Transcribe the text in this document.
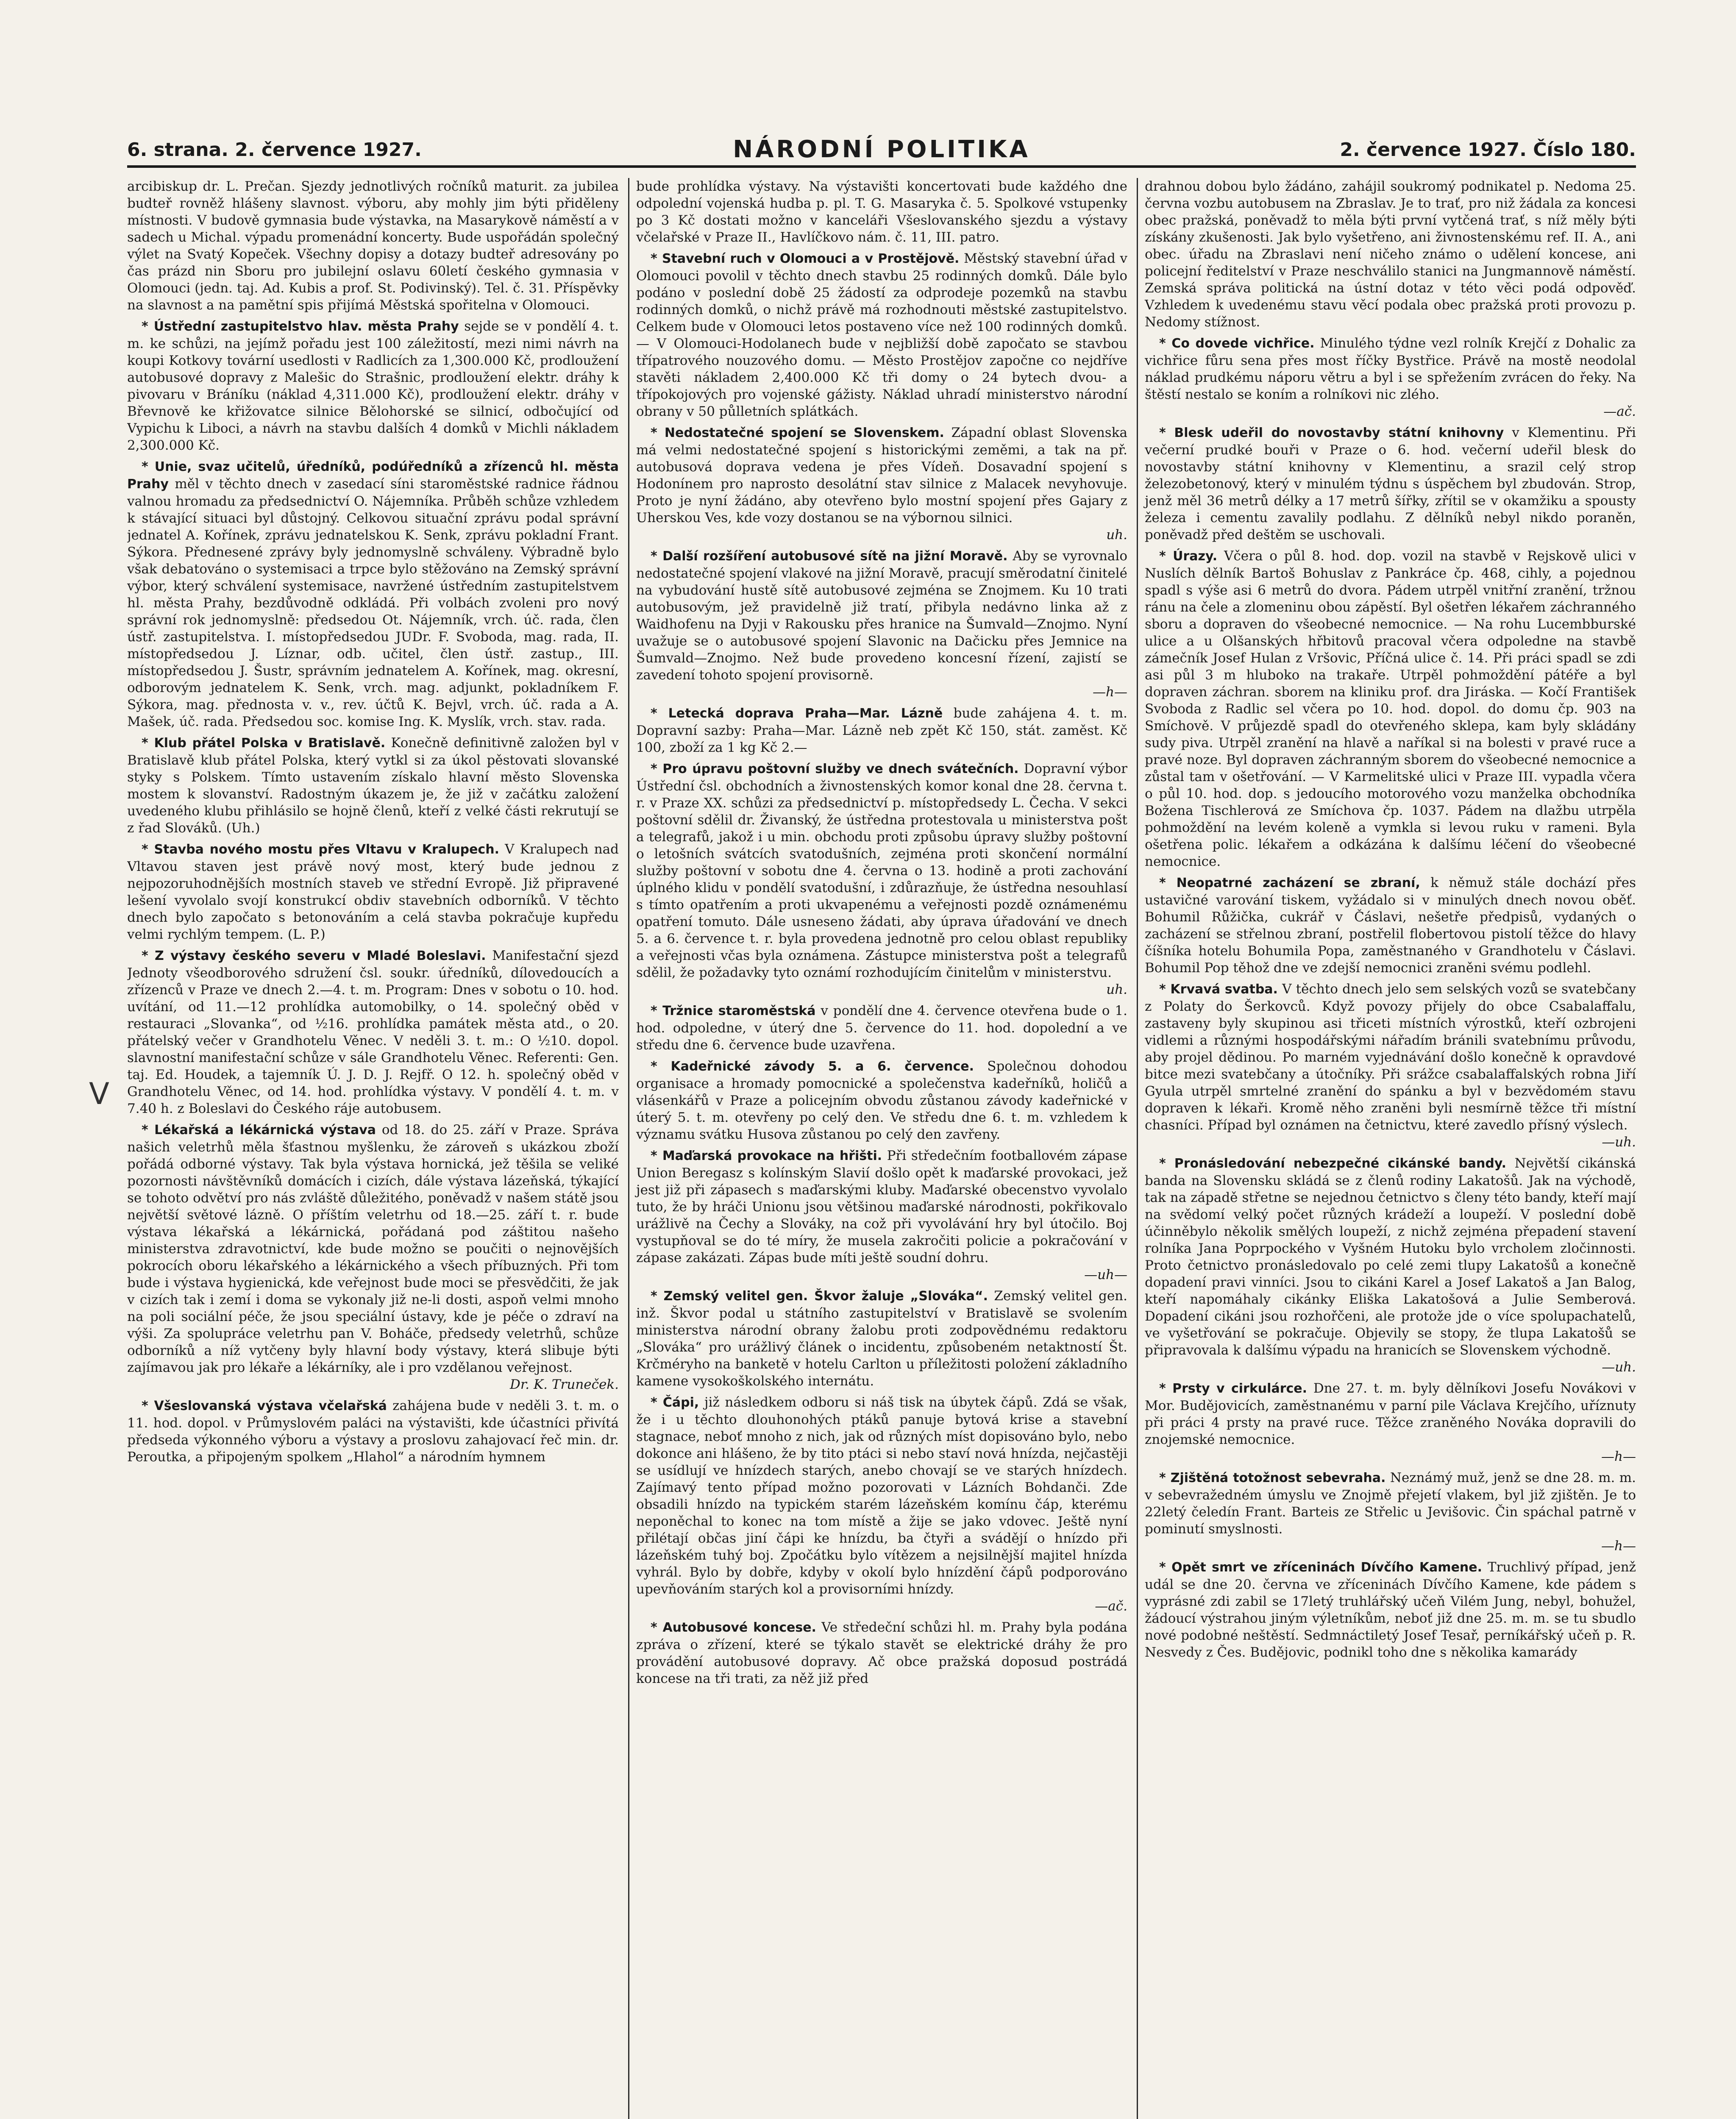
6. strana. 2. července 1927.	NÁRODNÍ POLITIKA	2. července 1927. Číslo 180.

arcibiskup dr. L. Prečan. Sjezdy jednotlivých ročníků maturit. za jubilea budteř rovněž hlášeny slavnost. výboru, aby mohly jim býti přiděleny místnosti. V budově gymnasia bude výstavka, na Masarykově náměstí a v sadech u Michal. výpadu promenádní koncerty. Bude uspořádán společný výlet na Svatý Kopeček. Všechny dopisy a dotazy budteř adresovány po čas prázd nin Sboru pro jubilejní oslavu 60letí českého gymnasia v Olomouci (jedn. taj. Ad. Kubis a prof. St. Podivinský). Tel. č. 31. Příspěvky na slavnost a na pamětní spis přijímá Městská spořitelna v Olomouci.

* Ústřední zastupitelstvo hlav. města Prahy sejde se v pondělí 4. t. m. ke schůzi, na jejímž pořadu jest 100 záležitostí, mezi nimi návrh na koupi Kotkovy tovární usedlosti v Radlicích za 1,300.000 Kč, prodloužení autobusové dopravy z Malešic do Strašnic, prodloužení elektr. dráhy k pivovaru v Bráníku (náklad 4,311.000 Kč), prodloužení elektr. dráhy v Břevnově ke křižovatce silnice Bělohorské se silnicí, odbočující od Vypichu k Liboci, a návrh na stavbu dalších 4 domků v Michli nákladem 2,300.000 Kč.

* Unie, svaz učitelů, úředníků, podúředníků a zřízenců hl. města Prahy měl v těchto dnech v zasedací síni staroměstské radnice řádnou valnou hromadu za předsednictví O. Nájemníka. Průběh schůze vzhledem k stávající situaci byl důstojný. Celkovou situační zprávu podal správní jednatel A. Kořínek, zprávu jednatelskou K. Senk, zprávu pokladní Frant. Sýkora. Přednesené zprávy byly jednomyslně schváleny. Výbradně bylo však debatováno o systemisaci a trpce bylo stěžováno na Zemský správní výbor, který schválení systemisace, navržené ústředním zastupitelstvem hl. města Prahy, bezdůvodně odkládá. Při volbách zvoleni pro nový správní rok jednomyslně: předsedou Ot. Nájemník, vrch. úč. rada, člen ústř. zastupitelstva. I. místopředsedou JUDr. F. Svoboda, mag. rada, II. místopředsedou J. Líznar, odb. učitel, člen ústř. zastup., III. místopředsedou J. Šustr, správním jednatelem A. Kořínek, mag. okresní, odborovým jednatelem K. Senk, vrch. mag. adjunkt, pokladníkem F. Sýkora, mag. přednosta v. v., rev. účtů K. Bejvl, vrch. úč. rada a A. Mašek, úč. rada. Předsedou soc. komise Ing. K. Myslík, vrch. stav. rada.

* Klub přátel Polska v Bratislavě. Konečně definitivně založen byl v Bratislavě klub přátel Polska, který vytkl si za úkol pěstovati slovanské styky s Polskem. Tímto ustavením získalo hlavní město Slovenska mostem k slovanství. Radostným úkazem je, že již v začátku založení uvedeného klubu přihlásilo se hojně členů, kteří z velké části rekrutují se z řad Slováků. (Uh.)

* Stavba nového mostu přes Vltavu v Kralupech. V Kralupech nad Vltavou staven jest právě nový most, který bude jednou z nejpozoruhodnějších mostních staveb ve střední Evropě. Již připravené lešení vyvolalo svojí konstrukcí obdiv stavebních odborníků. V těchto dnech bylo započato s betonováním a celá stavba pokračuje kupředu velmi rychlým tempem. (L. P.)

* Z výstavy českého severu v Mladé Boleslavi. Manifestační sjezd Jednoty všeodborového sdružení čsl. soukr. úředníků, dílovedoucích a zřízenců v Praze ve dnech 2.—4. t. m. Program: Dnes v sobotu o 10. hod. uvítání, od 11.—12 prohlídka automobilky, o 14. společný oběd v restauraci „Slovanka“, od ½16. prohlídka památek města atd., o 20. přátelský večer v Grandhotelu Věnec. V neděli 3. t. m.: O ½10. dopol. slavnostní manifestační schůze v sále Grandhotelu Věnec. Referenti: Gen. taj. Ed. Houdek, a tajemník Ú. J. D. J. Rejfř. O 12. h. společný oběd v Grandhotelu Věnec, od 14. hod. prohlídka výstavy. V pondělí 4. t. m. v 7.40 h. z Boleslavi do Českého ráje autobusem.

* Lékařská a lékárnická výstava od 18. do 25. září v Praze. Správa našich veletrhů měla šťastnou myšlenku, že zároveň s ukázkou zboží pořádá odborné výstavy. Tak byla výstava hornická, jež těšila se veliké pozornosti návštěvníků domácích i cizích, dále výstava lázeňská, týkající se tohoto odvětví pro nás zvláště důležitého, poněvadž v našem státě jsou největší světové lázně. O příštím veletrhu od 18.—25. září t. r. bude výstava lékařská a lékárnická, pořádaná pod záštitou našeho ministerstva zdravotnictví, kde bude možno se poučiti o nejnovějších pokrocích oboru lékařského a lékárnického a všech příbuzných. Při tom bude i výstava hygienická, kde veřejnost bude moci se přesvědčiti, že jak v cizích tak i zemí i doma se vykonaly již ne-li dosti, aspoň velmi mnoho na poli sociální péče, že jsou speciální ústavy, kde je péče o zdraví na výši. Za spolupráce veletrhu pan V. Boháče, předsedy veletrhů, schůze odborníků a níž vytčeny byly hlavní body výstavy, která slibuje býti zajímavou jak pro lékaře a lékárníky, ale i pro vzdělanou veřejnost.
Dr. K. Truneček.

* Všeslovanská výstava včelařská zahájena bude v neděli 3. t. m. o 11. hod. dopol. v Průmyslovém paláci na výstavišti, kde účastníci přivítá předseda výkonného výboru a výstavy a proslovu zahajovací řeč min. dr. Peroutka, a připojeným spolkem „Hlahol“ a národním hymnem

bude prohlídka výstavy. Na výstavišti koncertovati bude každého dne odpolední vojenská hudba p. pl. T. G. Masaryka č. 5. Spolkové vstupenky po 3 Kč dostati možno v kanceláři Všeslovanského sjezdu a výstavy včelařské v Praze II., Havlíčkovo nám. č. 11, III. patro.

* Stavební ruch v Olomouci a v Prostějově. Městský stavební úřad v Olomouci povolil v těchto dnech stavbu 25 rodinných domků. Dále bylo podáno v poslední době 25 žádostí za odprodeje pozemků na stavbu rodinných domků, o nichž právě má rozhodnouti městské zastupitelstvo. Celkem bude v Olomouci letos postaveno více než 100 rodinných domků. — V Olomouci-Hodolanech bude v nejbližší době započato se stavbou třípatrového nouzového domu. — Město Prostějov započne co nejdříve stavěti nákladem 2,400.000 Kč tři domy o 24 bytech dvou- a třípokojových pro vojenské gážisty. Náklad uhradí ministerstvo národní obrany v 50 půlletních splátkách.

* Nedostatečné spojení se Slovenskem. Západní oblast Slovenska má velmi nedostatečné spojení s historickými zeměmi, a tak na př. autobusová doprava vedena je přes Vídeň. Dosavadní spojení s Hodonínem pro naprosto desolátní stav silnice z Malacek nevyhovuje. Proto je nyní žádáno, aby otevřeno bylo mostní spojení přes Gajary z Uherskou Ves, kde vozy dostanou se na výbornou silnici.
uh.

* Další rozšíření autobusové sítě na jižní Moravě. Aby se vyrovnalo nedostatečné spojení vlakové na jižní Moravě, pracují směrodatní činitelé na vybudování hustě sítě autobusové zejména se Znojmem. Ku 10 trati autobusovým, jež pravidelně již tratí, přibyla nedávno linka až z Waidhofenu na Dyji v Rakousku přes hranice na Šumvald—Znojmo. Nyní uvažuje se o autobusové spojení Slavonic na Dačicku přes Jemnice na Šumvald—Znojmo. Než bude provedeno koncesní řízení, zajistí se zavedení tohoto spojení provisorně.
—h—

* Letecká doprava Praha—Mar. Lázně bude zahájena 4. t. m. Dopravní sazby: Praha—Mar. Lázně neb zpět Kč 150, stát. zaměst. Kč 100, zboží za 1 kg Kč 2.—

* Pro úpravu poštovní služby ve dnech svátečních. Dopravní výbor Ústřední čsl. obchodních a živnostenských komor konal dne 28. června t. r. v Praze XX. schůzi za předsednictví p. místopředsedy L. Čecha. V sekci poštovní sdělil dr. Živanský, že ústředna protestovala u ministerstva pošt a telegrafů, jakož i u min. obchodu proti způsobu úpravy služby poštovní o letošních svátcích svatodušních, zejména proti skončení normální služby poštovní v sobotu dne 4. června o 13. hodině a proti zachování úplného klidu v pondělí svatodušní, i zdůrazňuje, že ústředna nesouhlasí s tímto opatřením a proti ukvapenému a veřejnosti pozdě oznámenému opatření tomuto. Dále usneseno žádati, aby úprava úřadování ve dnech 5. a 6. července t. r. byla provedena jednotně pro celou oblast republiky a veřejnosti včas byla oznámena. Zástupce ministerstva pošt a telegrafů sdělil, že požadavky tyto oznámí rozhodujícím činitelům v ministerstvu.
uh.

* Tržnice staroměstská v pondělí dne 4. července otevřena bude o 1. hod. odpoledne, v úterý dne 5. července do 11. hod. dopolední a ve středu dne 6. července bude uzavřena.

* Kadeřnické závody 5. a 6. července. Společnou dohodou organisace a hromady pomocnické a společenstva kadeřníků, holičů a vlásenkářů v Praze a policejním obvodu zůstanou závody kadeřnické v úterý 5. t. m. otevřeny po celý den. Ve středu dne 6. t. m. vzhledem k významu svátku Husova zůstanou po celý den zavřeny.

* Maďarská provokace na hřišti. Při středečním footballovém zápase Union Beregasz s kolínským Slavií došlo opět k maďarské provokaci, jež jest již při zápasech s maďarskými kluby. Maďarské obecenstvo vyvolalo tuto, že by hráči Unionu jsou většinou maďarské národnosti, pokřikovalo urážlivě na Čechy a Slováky, na což při vyvolávání hry byl útočilo. Boj vystupňoval se do té míry, že musela zakročiti policie a pokračování v zápase zakázati. Zápas bude míti ještě soudní dohru.
—uh—

* Zemský velitel gen. Škvor žaluje „Slováka“. Zemský velitel gen. inž. Škvor podal u státního zastupitelství v Bratislavě se svolením ministerstva národní obrany žalobu proti zodpovědnému redaktoru „Slováka“ pro urážlivý článek o incidentu, způsobeném netaktností Št. Krčméryho na banketě v hotelu Carlton u příležitosti položení základního kamene vysokoškolského internátu.

* Čápi, již následkem odboru si náš tisk na úbytek čápů. Zdá se však, že i u těchto dlouhonohých ptáků panuje bytová krise a stavební stagnace, neboť mnoho z nich, jak od různých míst dopisováno bylo, nebo dokonce ani hlášeno, že by tito ptáci si nebo staví nová hnízda, nejčastěji se usídlují ve hnízdech starých, anebo chovají se ve starých hnízdech. Zajímavý tento případ možno pozorovati v Lázních Bohdanči. Zde obsadili hnízdo na typickém starém lázeňském komínu čáp, kterému neponěchal to konec na tom místě a žije se jako vdovec. Ještě nyní přilétají občas jiní čápi ke hnízdu, ba čtyři a svádějí o hnízdo při lázeňském tuhý boj. Zpočátku bylo vítězem a nejsilnější majitel hnízda vyhrál. Bylo by dobře, kdyby v okolí bylo hnízdění čápů podporováno upevňováním starých kol a provisorními hnízdy.
—ač.

* Autobusové koncese. Ve středeční schůzi hl. m. Prahy byla podána zpráva o zřízení, které se týkalo stavět se elektrické dráhy že pro provádění autobusové dopravy. Ač obce pražská doposud postrádá koncese na tři trati, za něž již před

drahnou dobou bylo žádáno, zahájil soukromý podnikatel p. Nedoma 25. června vozbu autobusem na Zbraslav. Je to trať, pro niž žádala za koncesi obec pražská, poněvadž to měla býti první vytčená trať, s níž měly býti získány zkušenosti. Jak bylo vyšetřeno, ani živnostenskému ref. II. A., ani obec. úřadu na Zbraslavi není ničeho známo o udělení koncese, ani policejní ředitelství v Praze neschválilo stanici na Jungmannově náměstí. Zemská správa politická na ústní dotaz v této věci podá odpověď. Vzhledem k uvedenému stavu věcí podala obec pražská proti provozu p. Nedomy stížnost.

* Co dovede vichřice. Minulého týdne vezl rolník Krejčí z Dohalic za vichřice fůru sena přes most říčky Bystřice. Právě na mostě neodolal náklad prudkému náporu větru a byl i se spřežením zvrácen do řeky. Na štěstí nestalo se koním a rolníkovi nic zlého.
—ač.

* Blesk udeřil do novostavby státní knihovny v Klementinu. Při večerní prudké bouři v Praze o 6. hod. večerní udeřil blesk do novostavby státní knihovny v Klementinu, a srazil celý strop železobetonový, který v minulém týdnu s úspěchem byl zbudován. Strop, jenž měl 36 metrů délky a 17 metrů šířky, zřítil se v okamžiku a spousty železa i cementu zavalily podlahu. Z dělníků nebyl nikdo poraněn, poněvadž před deštěm se uschovali.

* Úrazy. Včera o půl 8. hod. dop. vozil na stavbě v Rejskově ulici v Nuslích dělník Bartoš Bohuslav z Pankráce čp. 468, cihly, a pojednou spadl s výše asi 6 metrů do dvora. Pádem utrpěl vnitřní zranění, tržnou ránu na čele a zlomeninu obou zápěstí. Byl ošetřen lékařem záchranného sboru a dopraven do všeobecné nemocnice. — Na rohu Lucembburské ulice a u Olšanských hřbitovů pracoval včera odpoledne na stavbě zámečník Josef Hulan z Vršovic, Příčná ulice č. 14. Při práci spadl se zdi asi půl 3 m hluboko na trakaře. Utrpěl pohmoždění pátéře a byl dopraven záchran. sborem na kliniku prof. dra Jiráska. — Kočí František Svoboda z Radlic sel včera po 10. hod. dopol. do domu čp. 903 na Smíchově. V průjezdě spadl do otevřeného sklepa, kam byly skládány sudy piva. Utrpěl zranění na hlavě a naříkal si na bolesti v pravé ruce a pravé noze. Byl dopraven záchranným sborem do všeobecné nemocnice a zůstal tam v ošetřování. — V Karmelitské ulici v Praze III. vypadla včera o půl 10. hod. dop. s jedoucího motorového vozu manželka obchodníka Božena Tischlerová ze Smíchova čp. 1037. Pádem na dlažbu utrpěla pohmoždění na levém koleně a vymkla si levou ruku v rameni. Byla ošetřena polic. lékařem a odkázána k dalšímu léčení do všeobecné nemocnice.

* Neopatrné zacházení se zbraní, k němuž stále dochází přes ustavičné varování tiskem, vyžádalo si v minulých dnech novou oběť. Bohumil Růžička, cukrář v Čáslavi, nešetře předpisů, vydaných o zacházení se střelnou zbraní, postřelil flobertovou pistolí těžce do hlavy číšníka hotelu Bohumila Popa, zaměstnaného v Grandhotelu v Čáslavi. Bohumil Pop těhož dne ve zdejší nemocnici zraněni svému podlehl.

* Krvavá svatba. V těchto dnech jelo sem selských vozů se svatebčany z Polaty do Šerkovců. Když povozy přijely do obce Csabalaffalu, zastaveny byly skupinou asi třiceti místních výrostků, kteří ozbrojeni vidlemi a různými hospodářskými nářadím bránili svatebnímu průvodu, aby projel dědinou. Po marném vyjednávání došlo konečně k opravdové bitce mezi svatebčany a útočníky. Při srážce csabalaffalských robna Jiří Gyula utrpěl smrtelné zranění do spánku a byl v bezvědomém stavu dopraven k lékaři. Kromě něho zraněni byli nesmírně těžce tři místní chasníci. Případ byl oznámen na četnictvu, které zavedlo přísný výslech.
—uh.

* Pronásledování nebezpečné cikánské bandy. Největší cikánská banda na Slovensku skládá se z členů rodiny Lakatošů. Jak na východě, tak na západě střetne se nejednou četnictvo s členy této bandy, kteří mají na svědomí velký počet různých krádeží a loupeží. V poslední době účinněbylo několik smělých loupeží, z nichž zejména přepadení stavení rolníka Jana Poprpockého v Vyšném Hutoku bylo vrcholem zločinnosti. Proto četnictvo pronásledovalo po celé zemi tlupy Lakatošů a konečně dopadení pravi vinníci. Jsou to cikáni Karel a Josef Lakatoš a Jan Balog, kteří napomáhaly cikánky Eliška Lakatošová a Julie Semberová. Dopadení cikáni jsou rozhořčeni, ale protože jde o více spolupachatelů, ve vyšetřování se pokračuje. Objevily se stopy, že tlupa Lakatošů se připravovala k dalšímu výpadu na hranicích se Slovenskem východně.
—uh.

* Prsty v cirkulárce. Dne 27. t. m. byly dělníkovi Josefu Novákovi v Mor. Budějovicích, zaměstnanému v parní pile Václava Krejčího, uříznuty při práci 4 prsty na pravé ruce. Těžce zraněného Nováka dopravili do znojemské nemocnice.
—h—

* Zjištěná totožnost sebevraha. Neznámý muž, jenž se dne 28. m. m. v sebevražedném úmyslu ve Znojmě přejetí vlakem, byl již zjištěn. Je to 22letý čeledín Frant. Barteis ze Střelic u Jevišovic. Čin spáchal patrně v pominutí smyslnosti.
—h—

* Opět smrt ve zříceninách Dívčího Kamene. Truchlivý případ, jenž udál se dne 20. června ve zříceninách Dívčího Kamene, kde pádem s vyprásné zdi zabil se 17letý truhlářský učeň Vilém Jung, nebyl, bohužel, žádoucí výstrahou jiným výletníkům, neboť již dne 25. m. m. se tu sbudlo nové podobné neštěstí. Sedmnáctiletý Josef Tesař, perníkářský učeň p. R. Nesvedy z Čes. Budějovic, podnikl toho dne s několika kamarády

V
